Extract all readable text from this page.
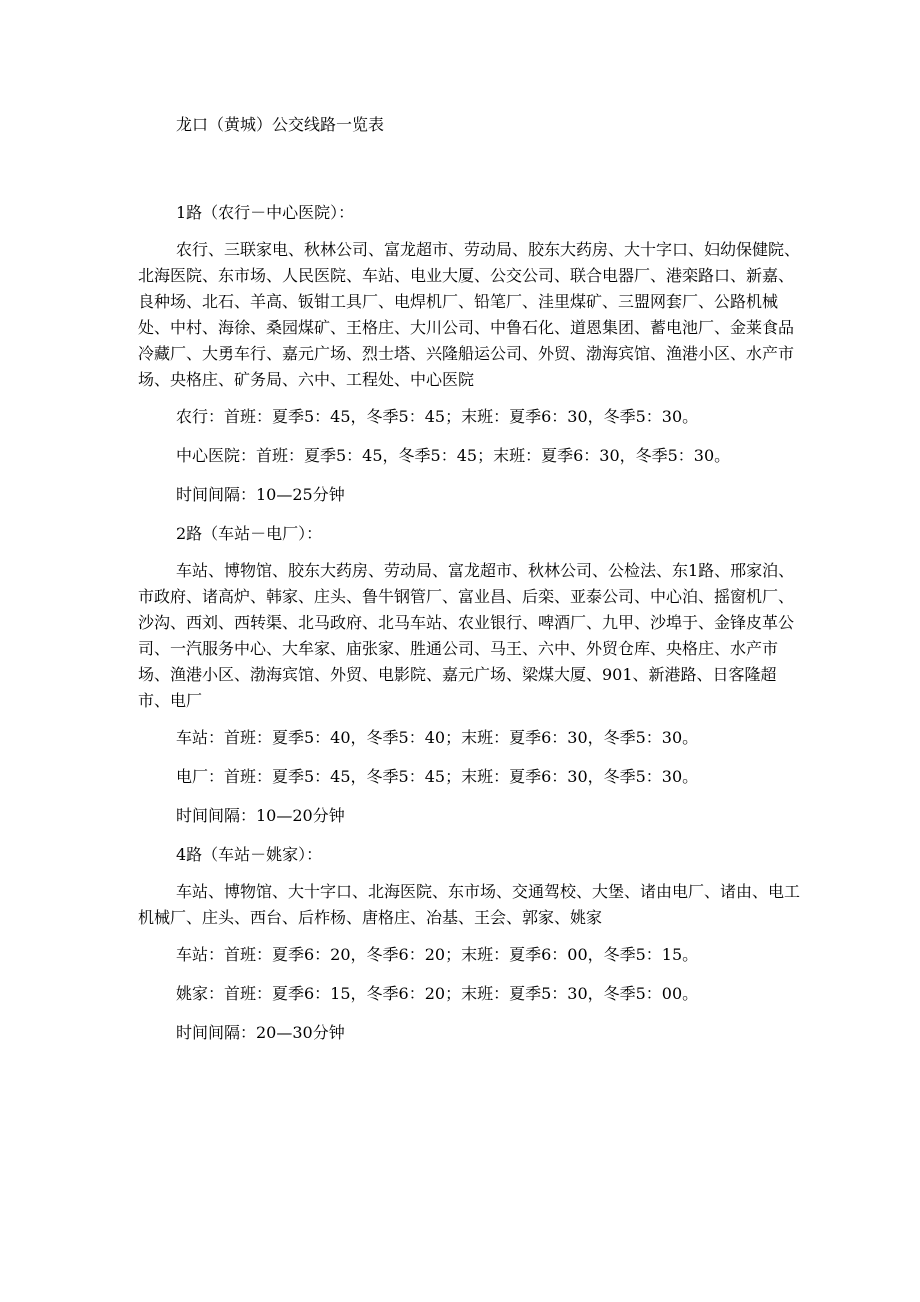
龙口（黄城）公交线路一览表

1路（农行－中心医院）：

农行、三联家电、秋林公司、富龙超市、劳动局、胶东大药房、大十字口、妇幼保健院、北海医院、东市场、人民医院、车站、电业大厦、公交公司、联合电器厂、港栾路口、新嘉、良种场、北石、羊高、钣钳工具厂、电焊机厂、铅笔厂、洼里煤矿、三盟网套厂、公路机械处、中村、海徐、桑园煤矿、王格庄、大川公司、中鲁石化、道恩集团、蓄电池厂、金莱食品冷藏厂、大勇车行、嘉元广场、烈士塔、兴隆船运公司、外贸、渤海宾馆、渔港小区、水产市场、央格庄、矿务局、六中、工程处、中心医院

农行：首班：夏季5：45，冬季5：45；末班：夏季6：30，冬季5：30。

中心医院：首班：夏季5：45，冬季5：45；末班：夏季6：30，冬季5：30。

时间间隔：10—25分钟

2路（车站－电厂）：

车站、博物馆、胶东大药房、劳动局、富龙超市、秋林公司、公检法、东1路、邢家泊、市政府、诸高炉、韩家、庄头、鲁牛钢管厂、富业昌、后栾、亚泰公司、中心泊、摇窗机厂、沙沟、西刘、西转渠、北马政府、北马车站、农业银行、啤酒厂、九甲、沙埠于、金锋皮革公司、一汽服务中心、大牟家、庙张家、胜通公司、马王、六中、外贸仓库、央格庄、水产市场、渔港小区、渤海宾馆、外贸、电影院、嘉元广场、梁煤大厦、901、新港路、日客隆超市、电厂

车站：首班：夏季5：40，冬季5：40；末班：夏季6：30，冬季5：30。

电厂：首班：夏季5：45，冬季5：45；末班：夏季6：30，冬季5：30。

时间间隔：10—20分钟

4路（车站－姚家）：

车站、博物馆、大十字口、北海医院、东市场、交通驾校、大堡、诸由电厂、诸由、电工机械厂、庄头、西台、后柞杨、唐格庄、冶基、王会、郭家、姚家

车站：首班：夏季6：20，冬季6：20；末班：夏季6：00，冬季5：15。

姚家：首班：夏季6：15，冬季6：20；末班：夏季5：30，冬季5：00。

时间间隔：20—30分钟
